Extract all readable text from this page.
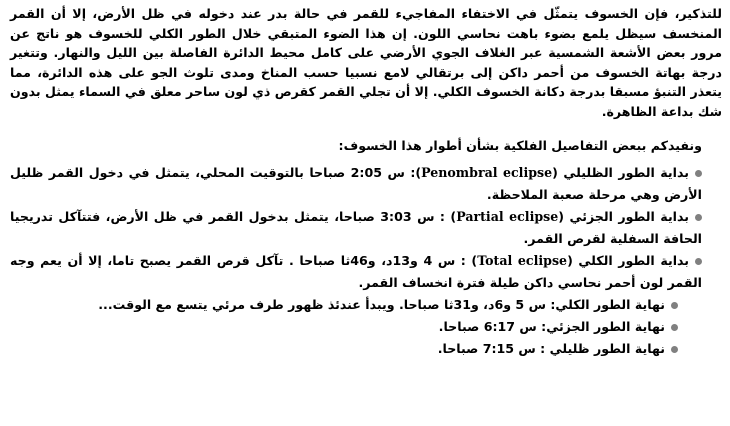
للتذكير، فإن الخسوف يتمثّل في الاختفاء المفاجيء للقمر في حالة بدر عند دخوله في ظل الأرض، إلا أن القمر المنخسف سيظل يلمع بضوء باهت نحاسي اللون. إن هذا الضوء المتبقي خلال الطور الكلي للخسوف هو ناتج عن مرور بعض الأشعة الشمسية عبر الغلاف الجوي الأرضي على كامل محيط الدائرة الفاصلة بين الليل والنهار. وتتغير درجة بهاتة الخسوف من أحمر داكن إلى برتقالي لامع نسبيا حسب المناخ ومدى تلوث الجو على هذه الدائرة، مما يتعذر التنبؤ مسبقا بدرجة دكانة الخسوف الكلي. إلا أن تجلي القمر كقرص ذي لون ساحر معلق في السماء يمثل بدون شك بداعة الظاهرة.

ونفيدكم ببعض التفاصيل الفلكية بشأن أطوار هذا الخسوف:

بداية الطور الظليلي (Penombral eclipse): س 2:05 صباحا بالتوقيت المحلي، يتمثل في دخول القمر ظليل الأرض وهي مرحلة صعبة الملاحظة.
بداية الطور الجزئي (Partial eclipse) : س 3:03 صباحا، يتمثل بدخول القمر في ظل الأرض، فتتآكل تدريجيا الحافة السفلية لقرص القمر.
بداية الطور الكلي (Total eclipse) : س 4 و13د، و46ثا صباحا . تآكل قرص القمر يصبح تاما، إلا أن يعم وجه القمر لون أحمر نحاسي داكن طيلة فترة انخساف القمر.
نهاية الطور الكلي: س 5 و6د، و31ثا صباحا. ويبدأ عندئذ ظهور طرف مرئي يتسع مع الوقت...
نهاية الطور الجزئي: س 6:17 صباحا.
نهاية الطور ظليلي : س 7:15 صباحا.
